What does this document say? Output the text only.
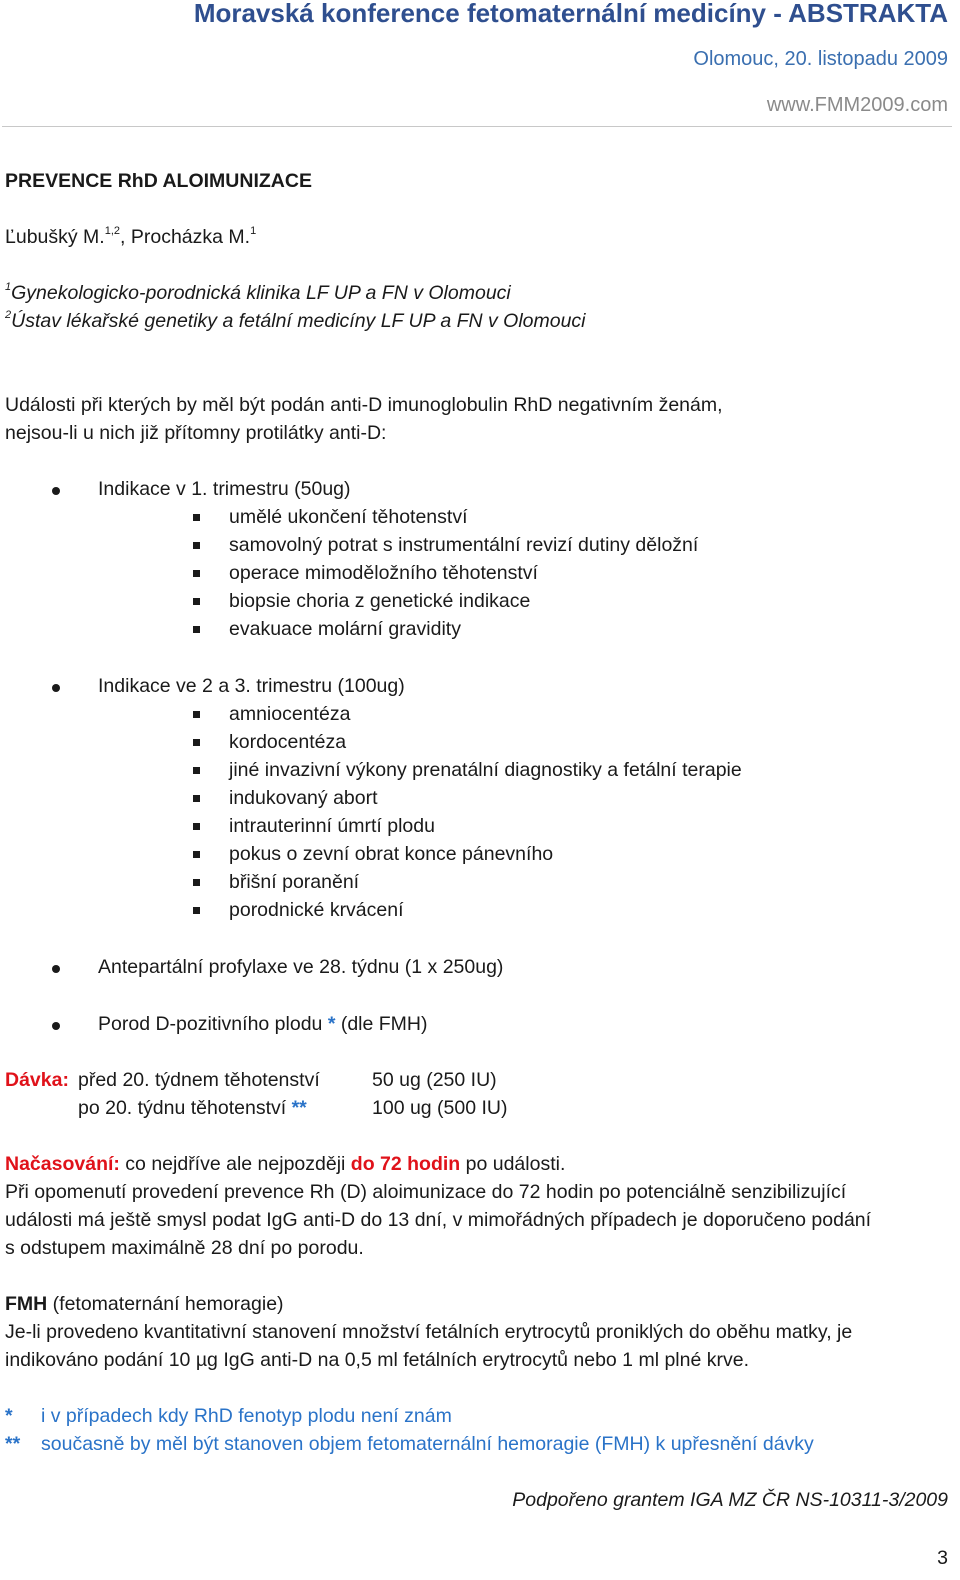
Moravská konference fetomaternální medicíny - ABSTRAKTA
Olomouc, 20. listopadu 2009
www.FMM2009.com
PREVENCE RhD ALOIMUNIZACE
Ľubušký M.$^{1,2}$, Procházka M.$^1$
$^1$Gynekologicko-porodnická klinika LF UP a FN v Olomouci
$^2$Ústav lékařské genetiky a fetální medicíny LF UP a FN v Olomouci
Události při kterých by měl být podán anti-D imunoglobulin RhD negativním ženám,
nejsou-li u nich již přítomny protilátky anti-D:
Indikace v 1. trimestru (50ug)
umělé ukončení těhotenství
samovolný potrat s instrumentální revizí dutiny děložní
operace mimoděložního těhotenství
biopsie choria z genetické indikace
evakuace molární gravidity
Indikace ve 2 a 3. trimestru (100ug)
amniocentéza
kordocentéza
jiné invazivní výkony prenatální diagnostiky a fetální terapie
indukovaný abort
intrauterinní úmrtí plodu
pokus o zevní obrat konce pánevního
břišní poranění
porodnické krvácení
Antepartální profylaxe ve 28. týdnu (1 x 250ug)
Porod D-pozitivního plodu * (dle FMH)
Dávka: před 20. týdnem těhotenství	50 ug (250 IU)
po 20. týdnu těhotenství **	100 ug (500 IU)
Načasování: co nejdříve ale nejpozději do 72 hodin po události.
Při opomenutí provedení prevence Rh (D) aloimunizace do 72 hodin po potenciálně senzibilizující
události má ještě smysl podat IgG anti-D do 13 dní, v mimořádných případech je doporučeno podání
s odstupem maximálně 28 dní po porodu.
FMH (fetomaternání hemoragie)
Je-li provedeno kvantitativní stanovení množství fetálních erytrocytů proniklých do oběhu matky, je
indikováno podání 10 µg IgG anti-D na 0,5 ml fetálních erytrocytů nebo 1 ml plné krve.
* i v případech kdy RhD fenotyp plodu není znám
** současně by měl být stanoven objem fetomaternální hemoragie (FMH) k upřesnění dávky
Podpořeno grantem IGA MZ ČR NS-10311-3/2009
3
